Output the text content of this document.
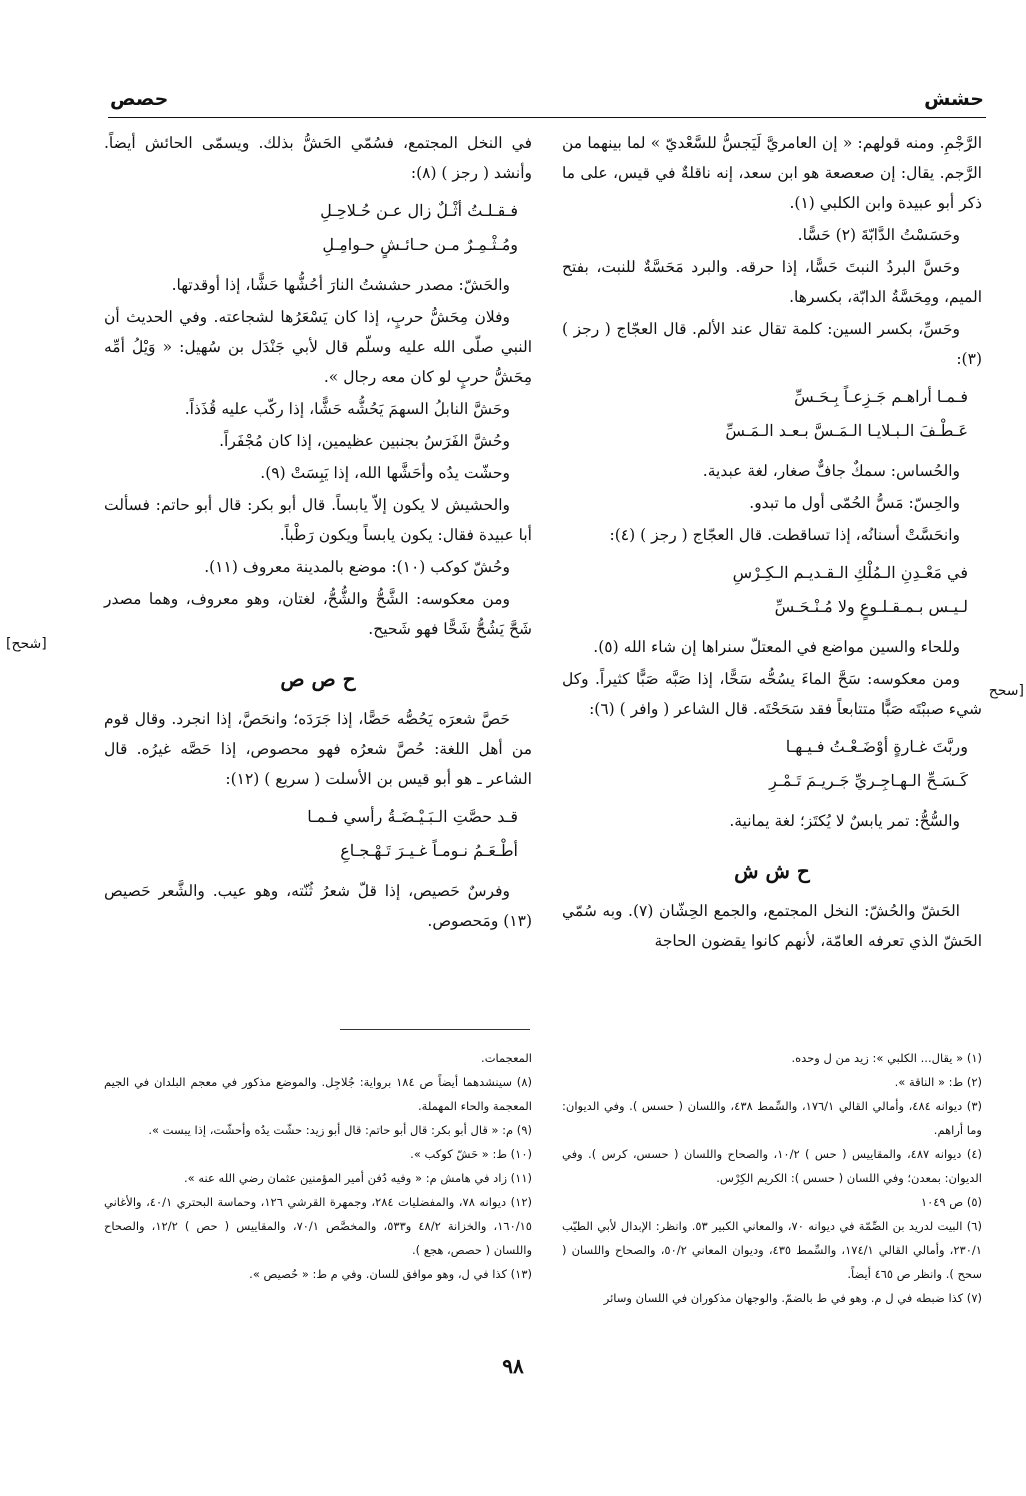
حشش
حصص

الرَّجْمِ. ومنه قولهم: « إن العامريَّ لَيَجسُّ للسَّعْديّ » لما بينهما من الرَّجم. يقال: إن صعصعة هو ابن سعد، إنه ناقلةٌ في قيس، على ما ذكر أبو عبيدة وابن الكلبي (١).

وحَسَسْتُ الدَّابّةَ (٢) حَسًّا.

وحَسَّ البردُ النبتَ حَسًّا، إذا حرقه. والبرد مَحَسَّةٌ للنبت، بفتح الميم، ومِحَسَّةُ الدابّة، بكسرها.

وحَسِّ، بكسر السين: كلمة تقال عند الألم. قال العجّاج ( رجز ) (٣):

فـمـا أراهـم جَـزِعـاً بِـحَـسِّ
عَـطْـفَ الـبـلايـا الـمَـسَّ بـعـد الـمَـسِّ

والحُساس: سمكٌ جافٌّ صغار، لغة عبدية.

والحِسّ: مَسُّ الحُمّى أول ما تبدو.

وانحَسَّتْ أسنانُه، إذا تساقطت. قال العجّاج ( رجز ) (٤):

في مَعْـدِنِ الـمُلْكِ الـقـديـم الـكِـرْسِ
لـيـس بـمـقـلـوعٍ ولا مُـنْـحَـسِّ

وللحاء والسين مواضع في المعتلّ سنراها إن شاء الله (٥).

ومن معكوسه: سَحَّ الماءَ يسُحُّه سَحًّا، إذا صَبَّه صَبًّا كثيراً. وكل شيء صببْتَه صَبًّا متتابعاً فقد سَحَحْتَه. قال الشاعر ( وافر ) (٦):

وربَّتَ غـارةٍ أوْضَـعْـتُ فـيـهـا
كَـسَـحِّ الـهـاجِـريِّ جَـريـمَ تَـمْـرِ

والسُّحُّ: تمر يابسٌ لا يُكتَز؛ لغة يمانية.

ح ش ش

الحَشّ والحُشّ: النخل المجتمع، والجمع الحِشّان (٧). وبه سُمّي الحَشّ الذي تعرفه العامّة، لأنهم كانوا يقضون الحاجة

[سحح

في النخل المجتمع، فسُمّي الحَشُّ بذلك. ويسمّى الحائش أيضاً. وأنشد ( رجز ) (٨):

فـقـلـتُ أثْـلٌ زال عـن حُـلاحِـلِ
ومُـثْـمِـرٌ مـن حـائـشٍ حـوامِـلِ

والحَشّ: مصدر حششتُ النارَ أحُشُّها حَشًّا، إذا أوقدتها.

وفلان مِحَشُّ حربٍ، إذا كان يَسْعَرُها لشجاعته. وفي الحديث أن النبي صلّى الله عليه وسلّم قال لأبي جَنْدَل بن سُهيل: « وَيْلُ أمِّه مِحَشُّ حربٍ لو كان معه رجال ».

وحَشَّ النابلُ السهمَ يَحُشُّه حَشًّا، إذا ركّب عليه قُذَذاً.

وحُشَّ الفَرَسُ بجنبين عظيمين، إذا كان مُجْفَراً.

وحشّت يدُه وأحَشَّها الله، إذا يَبِسَتْ (٩).

والحشيش لا يكون إلاّ يابساً. قال أبو بكر: قال أبو حاتم: فسألت أبا عبيدة فقال: يكون يابساً ويكون رَطْباً.

وحُشّ كوكب (١٠): موضع بالمدينة معروف (١١).

ومن معكوسه: الشَّحُّ والشُّحُّ، لغتان، وهو معروف، وهما مصدر شَحَّ يَشُحُّ شَحًّا فهو شَحيح.

ح ص ص

حَصَّ شعرَه يَحُصُّه حَصًّا، إذا جَرَدَه؛ وانحَصَّ، إذا انجرد. وقال قوم من أهل اللغة: حُصَّ شعرُه فهو محصوص، إذا حَصَّه غيرُه. قال الشاعر ـ هو أبو قيس بن الأسلت ( سريع ) (١٢):

قـد حصَّتِ الـبَـيْـضَـةُ رأسي فـمـا
أطْـعَـمُ نـومـاً غـيـرَ تَـهْـجـاعِ

وفرسٌ حَصيص، إذا قلّ شعرُ ثُنّته، وهو عيب. والشَّعر حَصيص (١٣) ومَحصوص.

[شحح]

(١) « يقال... الكلبي »: زيد من ل وحده.

(٢) ط: « الناقة ».

(٣) ديوانه ٤٨٤، وأمالي القالي ١٧٦/١، والسِّمط ٤٣٨، واللسان ( حسس ). وفي الديوان: وما أراهم.

(٤) ديوانه ٤٨٧، والمقاييس ( حس ) ١٠/٢، والصحاح واللسان ( حسس، كرس ). وفي الديوان: بمعدن؛ وفي اللسان ( حسس ): الكريم الكِرْس.

(٥) ص ١٠٤٩

(٦) البيت لدريد بن الصِّمّة في ديوانه ٧٠، والمعاني الكبير ٥٣. وانظر: الإبدال لأبي الطيّب ٢٣٠/١، وأمالي القالي ١٧٤/١، والسِّمط ٤٣٥، وديوان المعاني ٥٠/٢، والصحاح واللسان ( سحح ). وانظر ص ٤٦٥ أيضاً.

(٧) كذا ضبطه في ل م. وهو في ط بالضمّ. والوجهان مذكوران في اللسان وسائر

المعجمات.

(٨) سينشدهما أيضاً ص ١٨٤ برواية: جُلاجِل. والموضع مذكور في معجم البلدان في الجيم المعجمة والحاء المهملة.

(٩) م: « قال أبو بكر: قال أبو حاتم: قال أبو زيد: حشّت يدُه وأحشّت، إذا يبست ».

(١٠) ط: « حَشّ كوكب ».

(١١) زاد في هامش م: « وفيه دُفن أمير المؤمنين عثمان رضي الله عنه ».

(١٢) ديوانه ٧٨، والمفضليات ٢٨٤، وجمهرة القرشي ١٢٦، وحماسة البحتري ٤٠/١، والأغاني ١٦٠/١٥، والخزانة ٤٨/٢ و٥٣٣، والمخصَّص ٧٠/١، والمقاييس ( حص ) ١٢/٢، والصحاح واللسان ( حصص، هجع ).

(١٣) كذا في ل، وهو موافق للسان. وفي م ط: « حُصيص ».

٩٨
